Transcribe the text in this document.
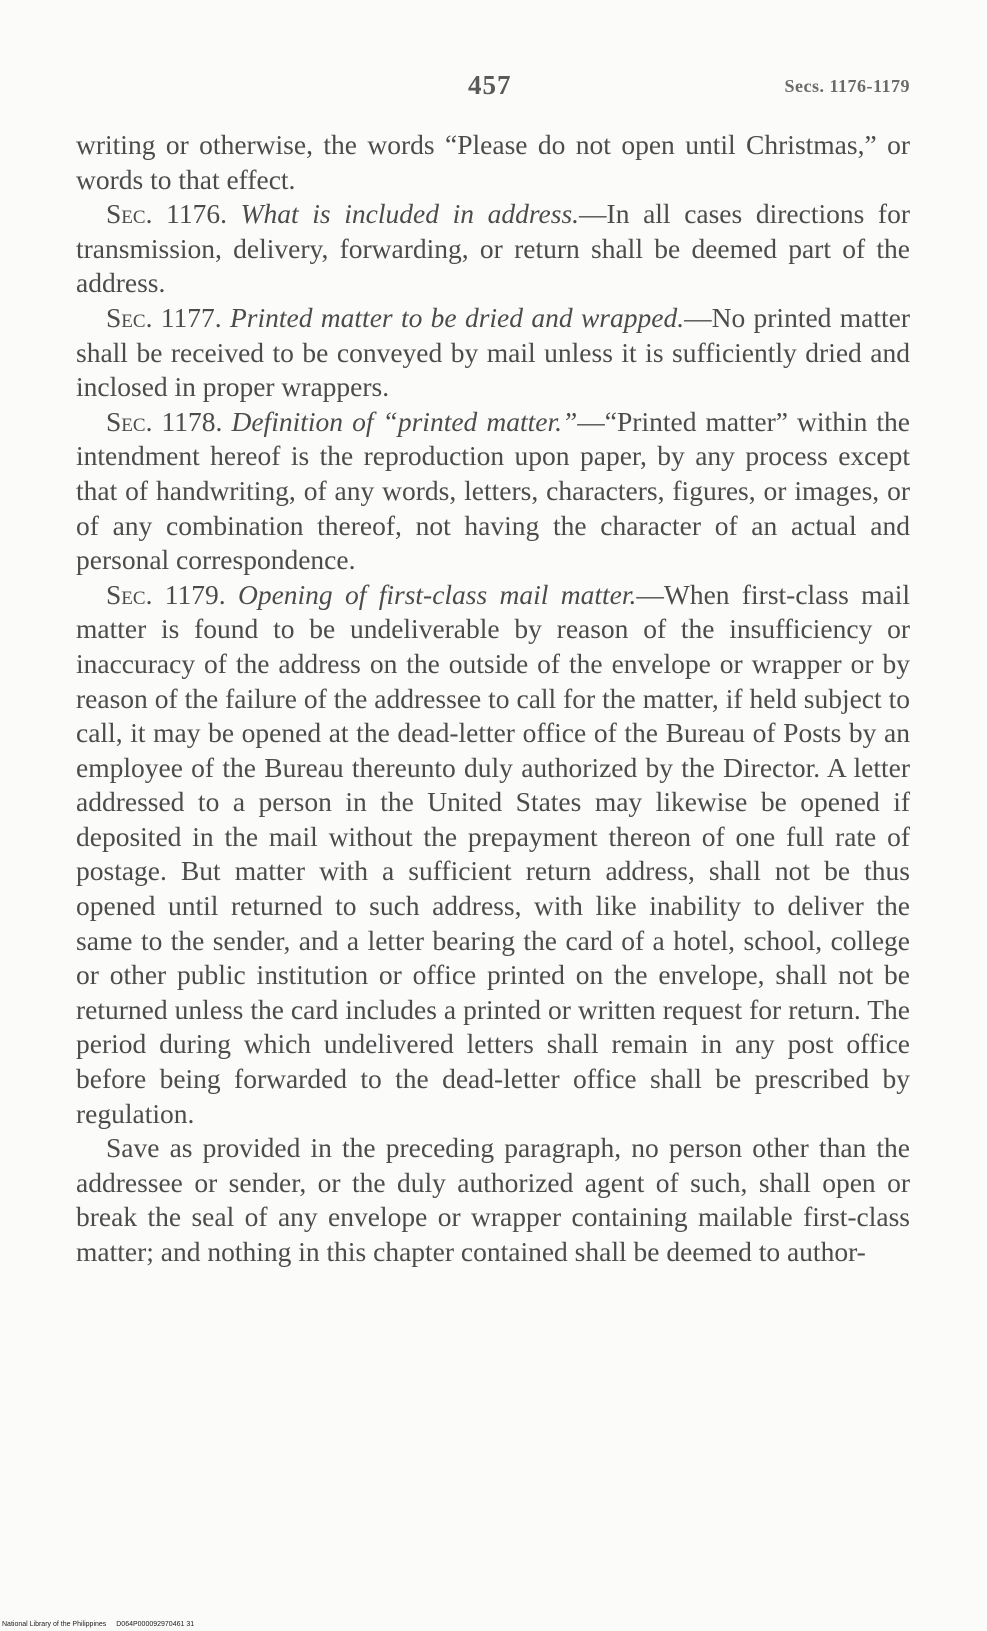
457	Secs. 1176-1179

writing or otherwise, the words “Please do not open until Christmas,” or words to that effect.

Sec. 1176. What is included in address.—In all cases directions for transmission, delivery, forwarding, or return shall be deemed part of the address.

Sec. 1177. Printed matter to be dried and wrapped.—No printed matter shall be received to be conveyed by mail unless it is sufficiently dried and inclosed in proper wrappers.

Sec. 1178. Definition of “printed matter.”—“Printed matter” within the intendment hereof is the reproduction upon paper, by any process except that of handwriting, of any words, letters, characters, figures, or images, or of any combination thereof, not having the character of an actual and personal correspondence.

Sec. 1179. Opening of first-class mail matter.—When first-class mail matter is found to be undeliverable by reason of the insufficiency or inaccuracy of the address on the outside of the envelope or wrapper or by reason of the failure of the addressee to call for the matter, if held subject to call, it may be opened at the dead-letter office of the Bureau of Posts by an employee of the Bureau thereunto duly authorized by the Director. A letter addressed to a person in the United States may likewise be opened if deposited in the mail without the prepayment thereon of one full rate of postage. But matter with a sufficient return address, shall not be thus opened until returned to such address, with like inability to deliver the same to the sender, and a letter bearing the card of a hotel, school, college or other public institution or office printed on the envelope, shall not be returned unless the card includes a printed or written request for return. The period during which undelivered letters shall remain in any post office before being forwarded to the dead-letter office shall be prescribed by regulation.

Save as provided in the preceding paragraph, no person other than the addressee or sender, or the duly authorized agent of such, shall open or break the seal of any envelope or wrapper containing mailable first-class matter; and nothing in this chapter contained shall be deemed to author-

National Library of the Philippines D064P000092970461 31
